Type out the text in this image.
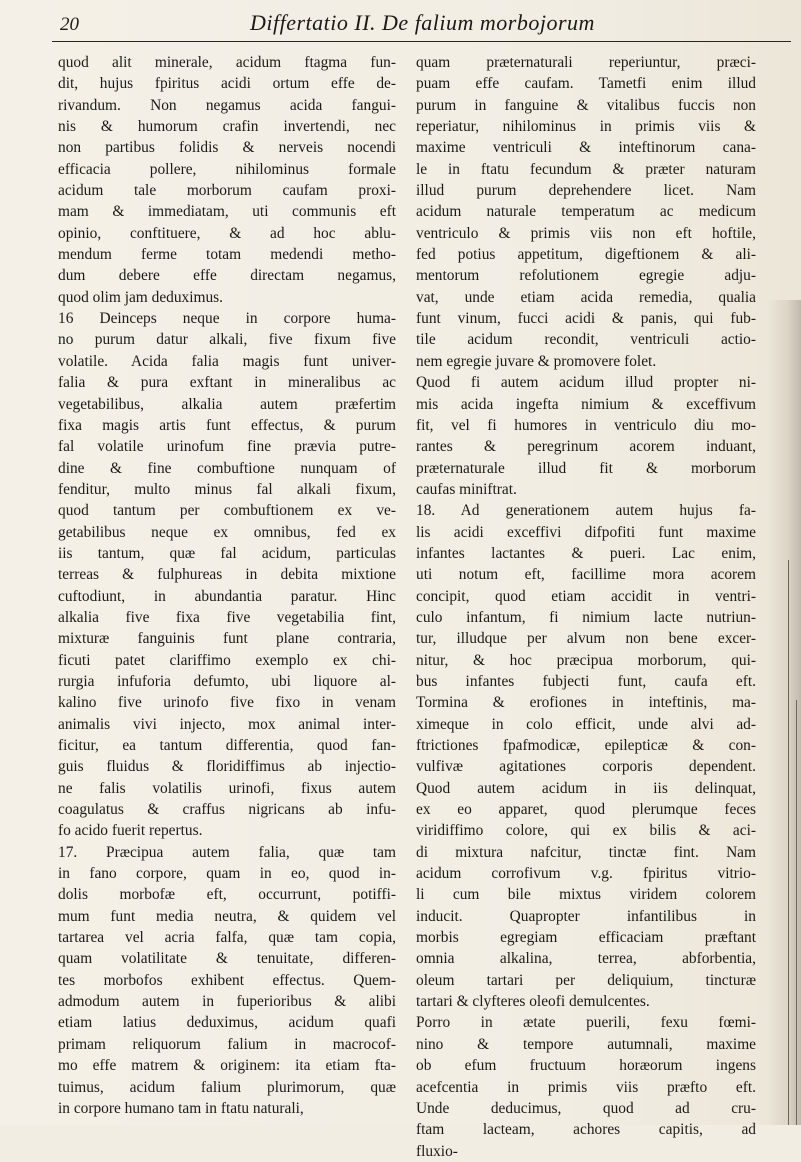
20	Differtatio II. De falium morbojorum
quod alit minerale, acidum ftagma fun-
dit, hujus fpiritus acidi ortum effe de-
rivandum. Non negamus acida fangui-
nis & humorum crafin invertendi, nec
non partibus folidis & nerveis nocendi
efficacia pollere, nihilominus formale
acidum tale morborum caufam proxi-
mam & immediatam, uti communis eft
opinio, conftituere, & ad hoc ablu-
mendum ferme totam medendi metho-
dum debere effe directam negamus,
quod olim jam deduximus.
16 Deinceps neque in corpore huma-
no purum datur alkali, five fixum five
volatile. Acida falia magis funt univer-
falia & pura exftant in mineralibus ac
vegetabilibus, alkalia autem præfertim
fixa magis artis funt effectus, & purum
fal volatile urinofum fine prævia putre-
dine & fine combuftione nunquam of
fenditur, multo minus fal alkali fixum,
quod tantum per combuftionem ex ve-
getabilibus neque ex omnibus, fed ex
iis tantum, quæ fal acidum, particulas
terreas & fulphureas in debita mixtione
cuftodiunt, in abundantia paratur. Hinc
alkalia five fixa five vegetabilia fint,
mixturæ fanguinis funt plane contraria,
ficuti patet clariffimo exemplo ex chi-
rurgia infuforia defumto, ubi liquore al-
kalino five urinofo five fixo in venam
animalis vivi injecto, mox animal inter-
ficitur, ea tantum differentia, quod fan-
guis fluidus & floridiffimus ab injectio-
ne falis volatilis urinofi, fixus autem
coagulatus & craffus nigricans ab infu-
fo acido fuerit repertus.
17. Præcipua autem falia, quæ tam
in fano corpore, quam in eo, quod in-
dolis morbofæ eft, occurrunt, potiffi-
mum funt media neutra, & quidem vel
tartarea vel acria falfa, quæ tam copia,
quam volatilitate & tenuitate, differen-
tes morbofos exhibent effectus. Quem-
admodum autem in fuperioribus & alibi
etiam latius deduximus, acidum quafi
primam reliquorum falium in macrocof-
mo effe matrem & originem: ita etiam fta-
tuimus, acidum falium plurimorum, quæ
in corpore humano tam in ftatu naturali,
quam præternaturali reperiuntur, præci-
puam effe caufam. Tametfi enim illud
purum in fanguine & vitalibus fuccis non
reperiatur, nihilominus in primis viis &
maxime ventriculi & inteftinorum cana-
le in ftatu fecundum & præter naturam
illud purum deprehendere licet. Nam
acidum naturale temperatum ac medicum
ventriculo & primis viis non eft hoftile,
fed potius appetitum, digeftionem & ali-
mentorum refolutionem egregie adju-
vat, unde etiam acida remedia, qualia
funt vinum, fucci acidi & panis, qui fub-
tile acidum recondit, ventriculi actio-
nem egregie juvare & promovere folet.
Quod fi autem acidum illud propter ni-
mis acida ingefta nimium & exceffivum
fit, vel fi humores in ventriculo diu mo-
rantes & peregrinum acorem induant,
præternaturale illud fit & morborum
caufas miniftrat.
18. Ad generationem autem hujus fa-
lis acidi exceffivi difpofiti funt maxime
infantes lactantes & pueri. Lac enim,
uti notum eft, facillime mora acorem
concipit, quod etiam accidit in ventri-
culo infantum, fi nimium lacte nutriun-
tur, illudque per alvum non bene excer-
nitur, & hoc præcipua morborum, qui-
bus infantes fubjecti funt, caufa eft.
Tormina & erofiones in inteftinis, ma-
ximeque in colo efficit, unde alvi ad-
ftrictiones fpafmodicæ, epilepticæ & con-
vulfivæ agitationes corporis dependent.
Quod autem acidum in iis delinquat,
ex eo apparet, quod plerumque feces
viridiffimo colore, qui ex bilis & aci-
di mixtura nafcitur, tinctæ fint. Nam
acidum corrofivum v.g. fpiritus vitrio-
li cum bile mixtus viridem colorem
inducit. Quapropter infantilibus in
morbis egregiam efficaciam præftant
omnia alkalina, terrea, abforbentia,
oleum tartari per deliquium, tincturæ
tartari & clyfteres oleofi demulcentes.
Porro in ætate puerili, fexu fœmi-
nino & tempore autumnali, maxime
ob efum fructuum horæorum ingens
acefcentia in primis viis præfto eft.
Unde deducimus, quod ad cru-
ftam lacteam, achores capitis, ad
fluxio-
